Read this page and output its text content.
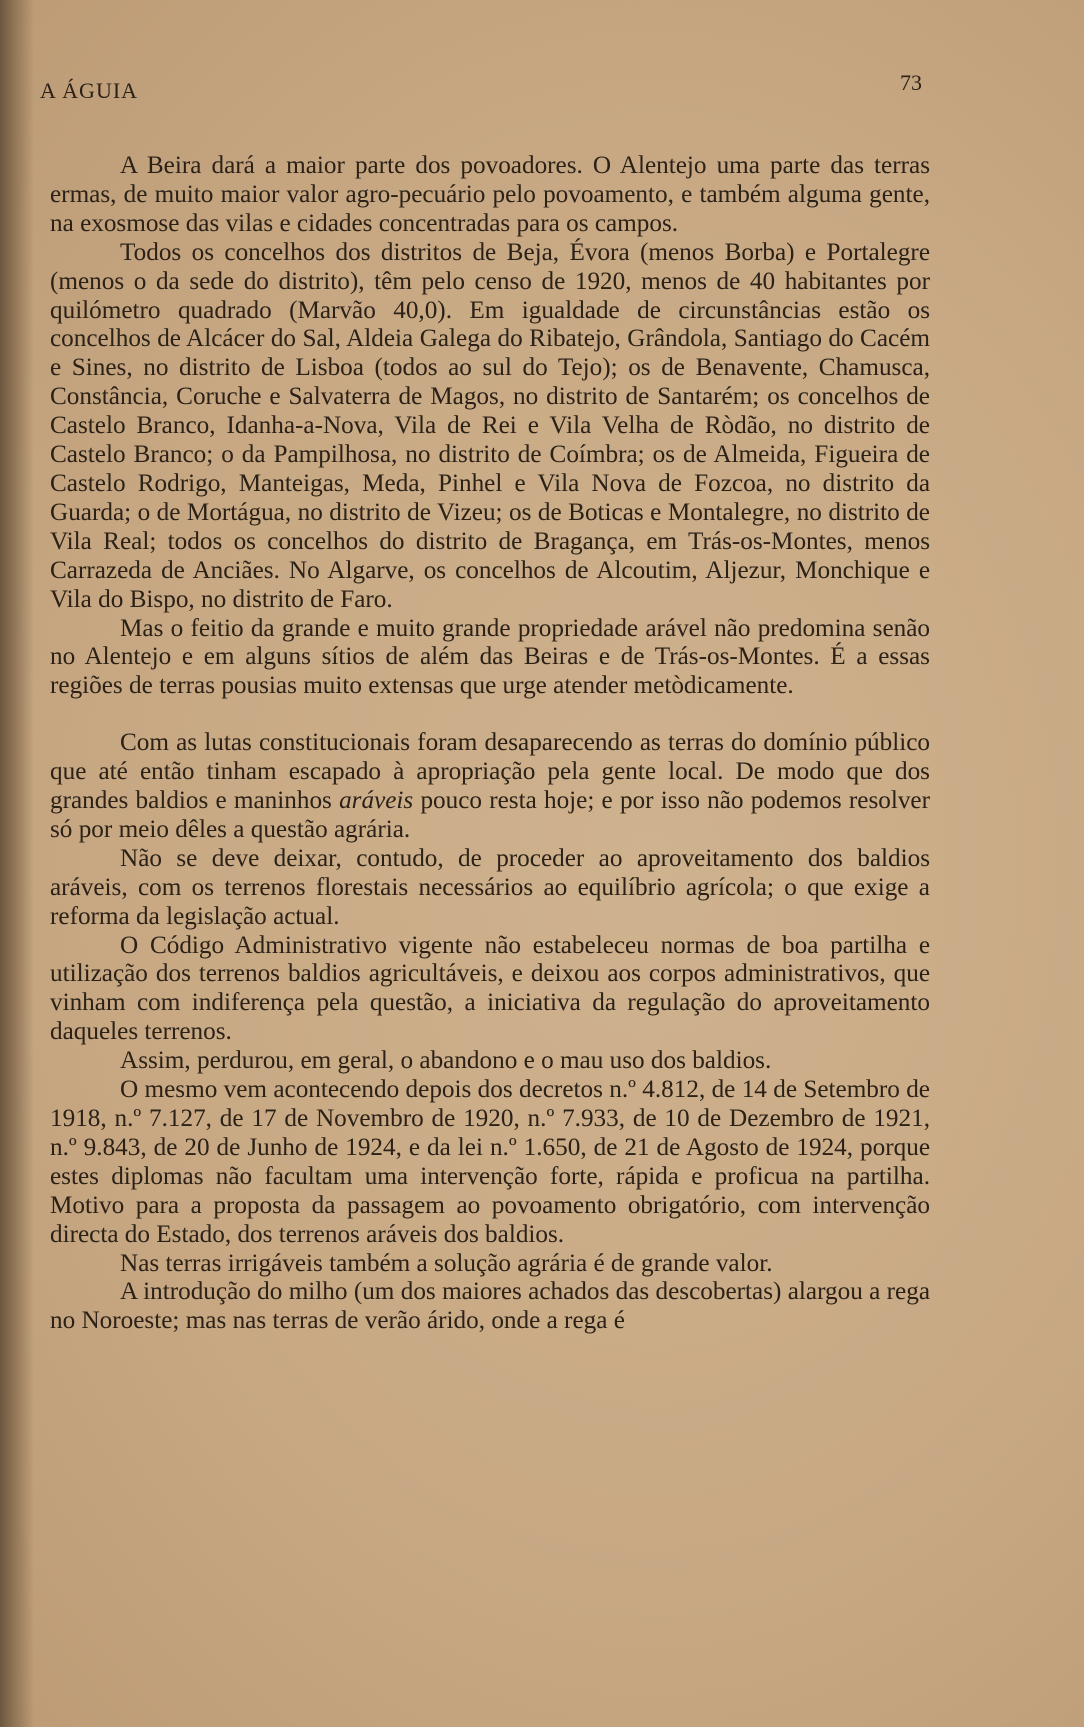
A ÁGUIA	73

A Beira dará a maior parte dos povoadores. O Alentejo uma parte das terras ermas, de muito maior valor agro-pecuário pelo povoamento, e também alguma gente, na exosmose das vilas e cidades concentradas para os campos.

Todos os concelhos dos distritos de Beja, Évora (menos Borba) e Portalegre (menos o da sede do distrito), têm pelo censo de 1920, menos de 40 habitantes por quilómetro quadrado (Marvão 40,0). Em igualdade de circunstâncias estão os concelhos de Alcácer do Sal, Aldeia Galega do Ribatejo, Grândola, Santiago do Cacém e Sines, no distrito de Lisboa (todos ao sul do Tejo); os de Benavente, Chamusca, Constância, Coruche e Salvaterra de Magos, no distrito de Santarém; os concelhos de Castelo Branco, Idanha-a-Nova, Vila de Rei e Vila Velha de Ròdão, no distrito de Castelo Branco; o da Pampilhosa, no distrito de Coímbra; os de Almeida, Figueira de Castelo Rodrigo, Manteigas, Meda, Pinhel e Vila Nova de Fozcoa, no distrito da Guarda; o de Mortágua, no distrito de Vizeu; os de Boticas e Montalegre, no distrito de Vila Real; todos os concelhos do distrito de Bragança, em Trás-os-Montes, menos Carrazeda de Anciães. No Algarve, os concelhos de Alcoutim, Aljezur, Monchique e Vila do Bispo, no distrito de Faro.

Mas o feitio da grande e muito grande propriedade arável não predomina senão no Alentejo e em alguns sítios de além das Beiras e de Trás-os-Montes. É a essas regiões de terras pousias muito extensas que urge atender metòdicamente.

Com as lutas constitucionais foram desaparecendo as terras do domínio público que até então tinham escapado à apropriação pela gente local. De modo que dos grandes baldios e maninhos aráveis pouco resta hoje; e por isso não podemos resolver só por meio dêles a questão agrária.

Não se deve deixar, contudo, de proceder ao aproveitamento dos baldios aráveis, com os terrenos florestais necessários ao equilíbrio agrícola; o que exige a reforma da legislação actual.

O Código Administrativo vigente não estabeleceu normas de boa partilha e utilização dos terrenos baldios agricultáveis, e deixou aos corpos administrativos, que vinham com indiferença pela questão, a iniciativa da regulação do aproveitamento daqueles terrenos.

Assim, perdurou, em geral, o abandono e o mau uso dos baldios.

O mesmo vem acontecendo depois dos decretos n.º 4.812, de 14 de Setembro de 1918, n.º 7.127, de 17 de Novembro de 1920, n.º 7.933, de 10 de Dezembro de 1921, n.º 9.843, de 20 de Junho de 1924, e da lei n.º 1.650, de 21 de Agosto de 1924, porque estes diplomas não facultam uma intervenção forte, rápida e proficua na partilha. Motivo para a proposta da passagem ao povoamento obrigatório, com intervenção directa do Estado, dos terrenos aráveis dos baldios.

Nas terras irrigáveis também a solução agrária é de grande valor.

A introdução do milho (um dos maiores achados das descobertas) alargou a rega no Noroeste; mas nas terras de verão árido, onde a rega é
